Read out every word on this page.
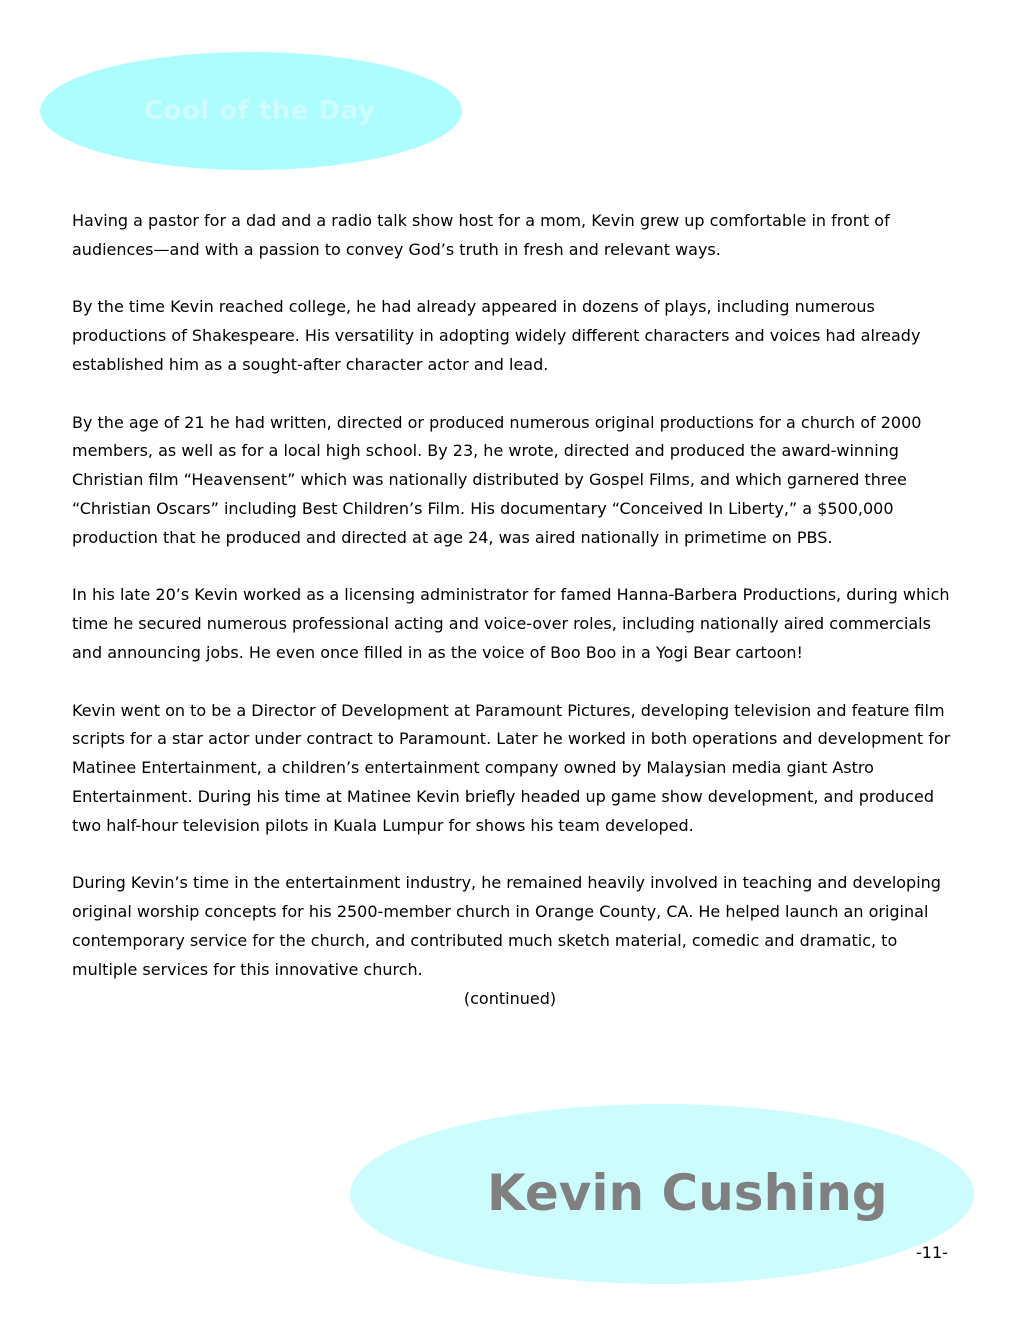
Cool of the Day

Having a pastor for a dad and a radio talk show host for a mom, Kevin grew up comfortable in front of audiences—and with a passion to convey God’s truth in fresh and relevant ways.

By the time Kevin reached college, he had already appeared in dozens of plays, including numerous productions of Shakespeare. His versatility in adopting widely different characters and voices had already established him as a sought-after character actor and lead.

By the age of 21 he had written, directed or produced numerous original productions for a church of 2000 members, as well as for a local high school. By 23, he wrote, directed and produced the award-winning Christian film “Heavensent” which was nationally distributed by Gospel Films, and which garnered three “Christian Oscars” including Best Children’s Film. His documentary “Conceived In Liberty,” a $500,000 production that he produced and directed at age 24, was aired nationally in primetime on PBS.

In his late 20’s Kevin worked as a licensing administrator for famed Hanna-Barbera Productions, during which time he secured numerous professional acting and voice-over roles, including nationally aired commercials and announcing jobs. He even once filled in as the voice of Boo Boo in a Yogi Bear cartoon!

Kevin went on to be a Director of Development at Paramount Pictures, developing television and feature film scripts for a star actor under contract to Paramount. Later he worked in both operations and development for Matinee Entertainment, a children’s entertainment company owned by Malaysian media giant Astro Entertainment. During his time at Matinee Kevin briefly headed up game show development, and produced two half-hour television pilots in Kuala Lumpur for shows his team developed.

During Kevin’s time in the entertainment industry, he remained heavily involved in teaching and developing original worship concepts for his 2500-member church in Orange County, CA. He helped launch an original contemporary service for the church, and contributed much sketch material, comedic and dramatic, to multiple services for this innovative church.

(continued)
Kevin Cushing
-11-
